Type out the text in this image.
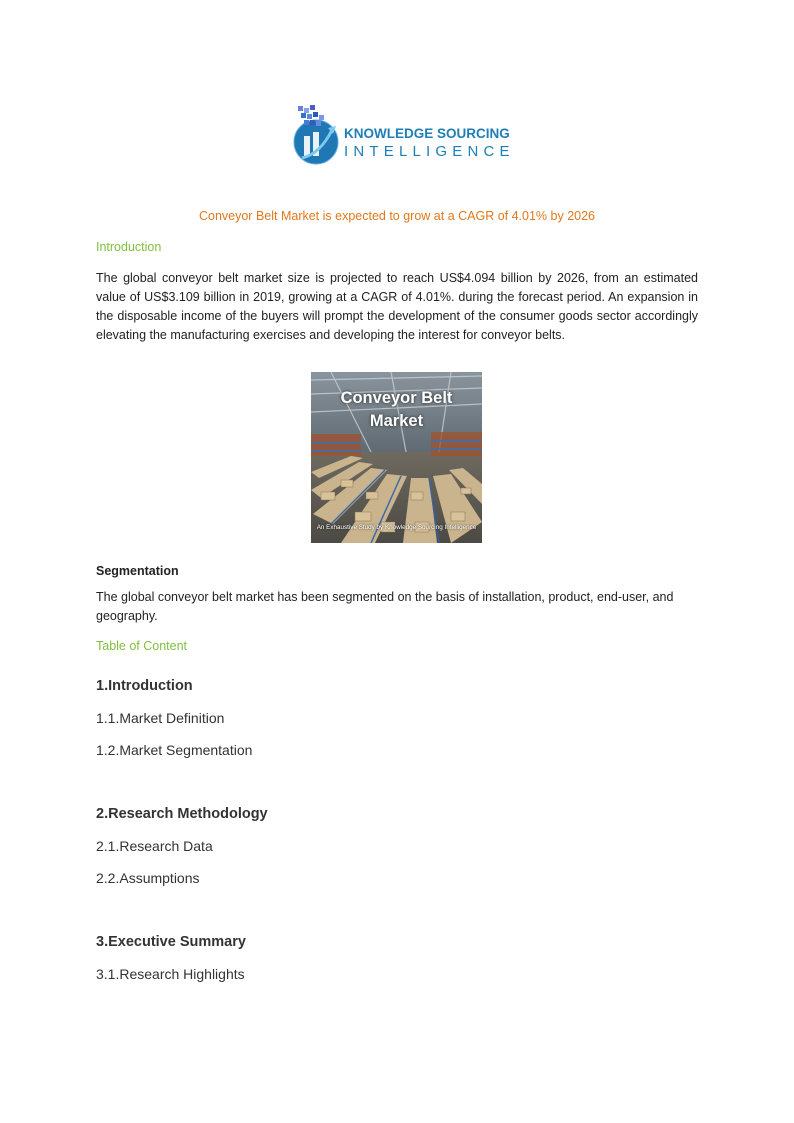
KNOWLEDGE SOURCING
INTELLIGENCE
Conveyor Belt Market is expected to grow at a CAGR of 4.01% by 2026
Introduction
The global conveyor belt market size is projected to reach US$4.094 billion by 2026, from an estimated value of US$3.109 billion in 2019, growing at a CAGR of 4.01%. during the forecast period. An expansion in the disposable income of the buyers will prompt the development of the consumer goods sector accordingly elevating the manufacturing exercises and developing the interest for conveyor belts.
Conveyor Belt
Market
An Exhaustive Study by Knowledge Sourcing Intelligence
Segmentation
The global conveyor belt market has been segmented on the basis of installation, product, end-user, and geography.
Table of Content
1.Introduction
1.1.Market Definition
1.2.Market Segmentation
2.Research Methodology
2.1.Research Data
2.2.Assumptions
3.Executive Summary
3.1.Research Highlights
